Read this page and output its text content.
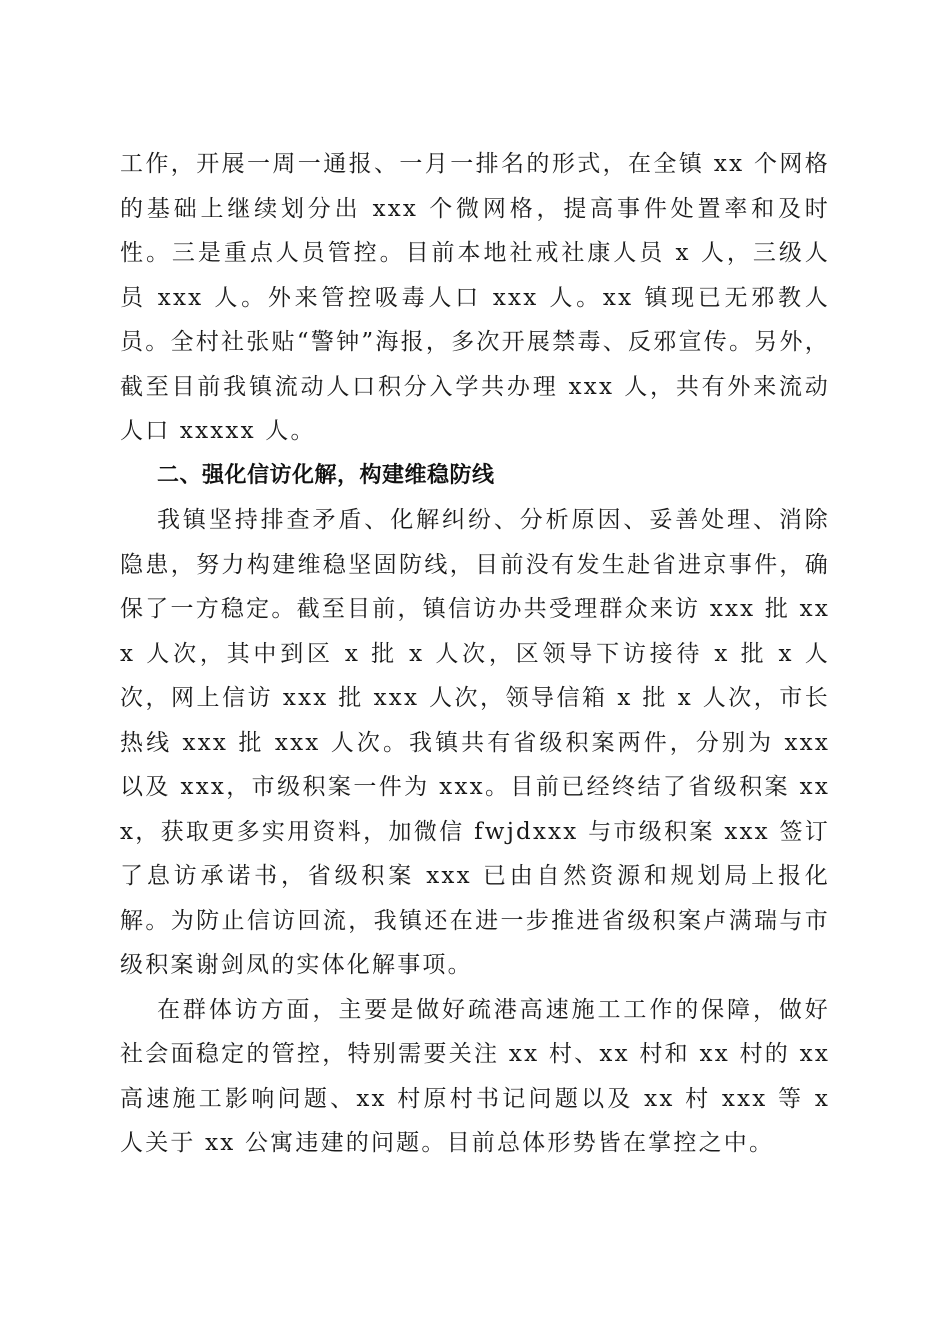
工作，开展一周一通报、一月一排名的形式，在全镇 xx 个网格的基础上继续划分出 xxx 个微网格，提高事件处置率和及时性。三是重点人员管控。目前本地社戒社康人员 x 人，三级人员 xxx 人。外来管控吸毒人口 xxx 人。xx 镇现已无邪教人员。全村社张贴“警钟”海报，多次开展禁毒、反邪宣传。另外，截至目前我镇流动人口积分入学共办理 xxx 人，共有外来流动人口 xxxxx 人。

二、强化信访化解，构建维稳防线

我镇坚持排查矛盾、化解纠纷、分析原因、妥善处理、消除隐患，努力构建维稳坚固防线，目前没有发生赴省进京事件，确保了一方稳定。截至目前，镇信访办共受理群众来访 xxx 批 xxx 人次，其中到区 x 批 x 人次，区领导下访接待 x 批 x 人次，网上信访 xxx 批 xxx 人次，领导信箱 x 批 x 人次，市长热线 xxx 批 xxx 人次。我镇共有省级积案两件，分别为 xxx 以及 xxx，市级积案一件为 xxx。目前已经终结了省级积案 xxx，获取更多实用资料，加微信 fwjdxxx 与市级积案 xxx 签订了息访承诺书，省级积案 xxx 已由自然资源和规划局上报化解。为防止信访回流，我镇还在进一步推进省级积案卢满瑞与市级积案谢剑凤的实体化解事项。

在群体访方面，主要是做好疏港高速施工工作的保障，做好社会面稳定的管控，特别需要关注 xx 村、xx 村和 xx 村的 xx 高速施工影响问题、xx 村原村书记问题以及 xx 村 xxx 等 x 人关于 xx 公寓违建的问题。目前总体形势皆在掌控之中。
